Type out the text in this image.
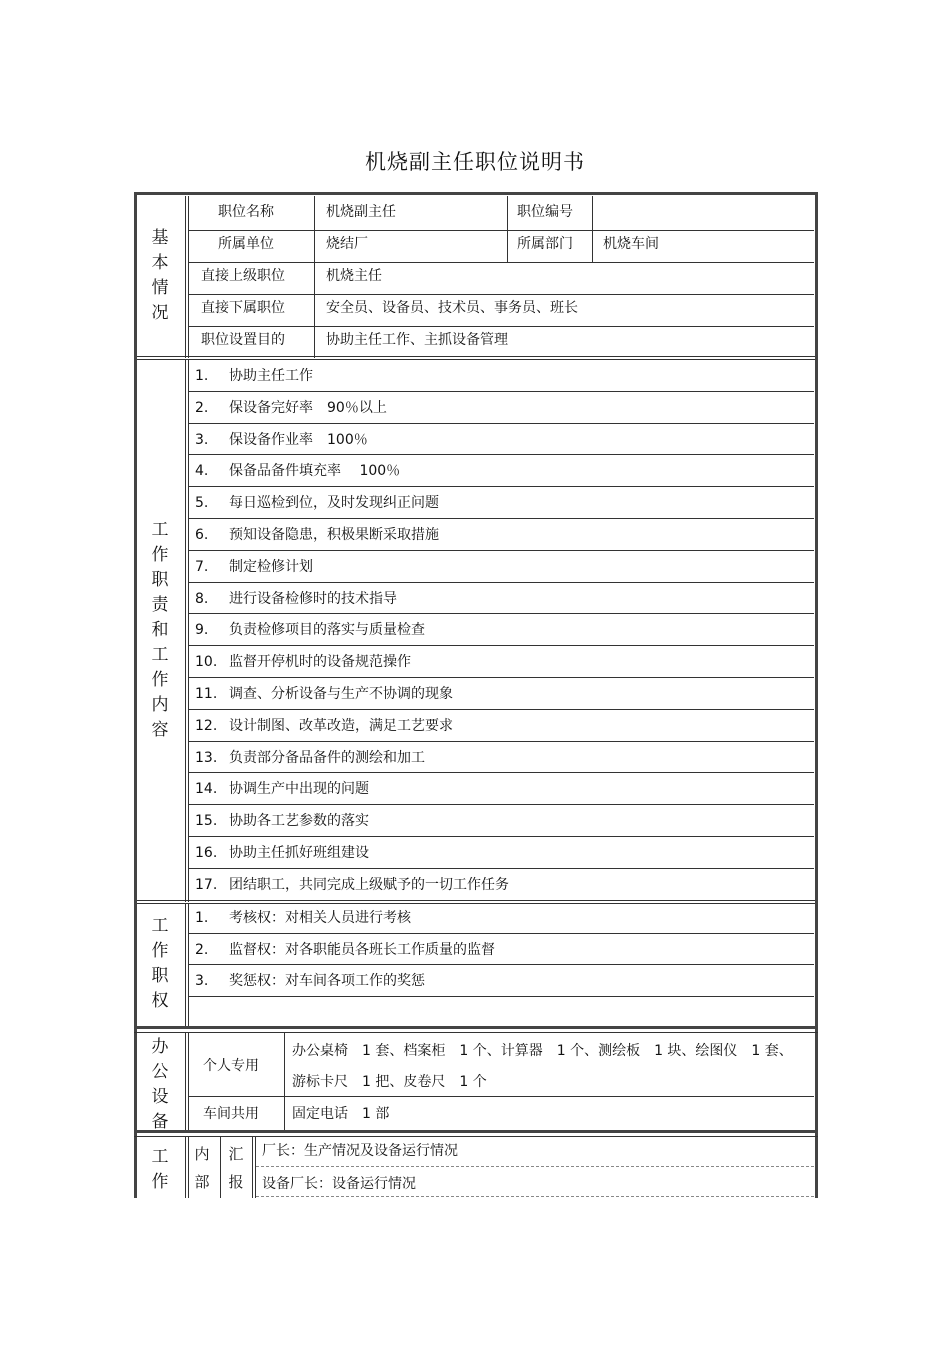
机烧副主任职位说明书
基
本
情
况
职位名称	机烧副主任	职位编号
所属单位	烧结厂	所属部门 机烧车间
直接上级职位	机烧主任
直接下属职位	安全员、设备员、技术员、事务员、班长
职位设置目的	协助主任工作、主抓设备管理
工
作
职
责
和
工
作
内
容
1. 协助主任工作
2. 保设备完好率　90％以上
3. 保设备作业率　100％
4. 保备品备件填充率　 100％
5. 每日巡检到位，及时发现纠正问题
6. 预知设备隐患，积极果断采取措施
7. 制定检修计划
8. 进行设备检修时的技术指导
9. 负责检修项目的落实与质量检查
10. 监督开停机时的设备规范操作
11. 调查、分析设备与生产不协调的现象
12. 设计制图、改革改造，满足工艺要求
13. 负责部分备品备件的测绘和加工
14. 协调生产中出现的问题
15. 协助各工艺参数的落实
16. 协助主任抓好班组建设
17. 团结职工，共同完成上级赋予的一切工作任务
工
作
职
权
1. 考核权：对相关人员进行考核
2. 监督权：对各职能员各班长工作质量的监督
3. 奖惩权：对车间各项工作的奖惩
办
公
设
备
个人专用
办公桌椅　1 套、档案柜　1 个、计算器　1 个、测绘板　1 块、绘图仪　1 套、
游标卡尺　1 把、皮卷尺　1 个
车间共用 固定电话　1 部
工
作
内
部
汇
报
厂长：生产情况及设备运行情况
设备厂长：设备运行情况
